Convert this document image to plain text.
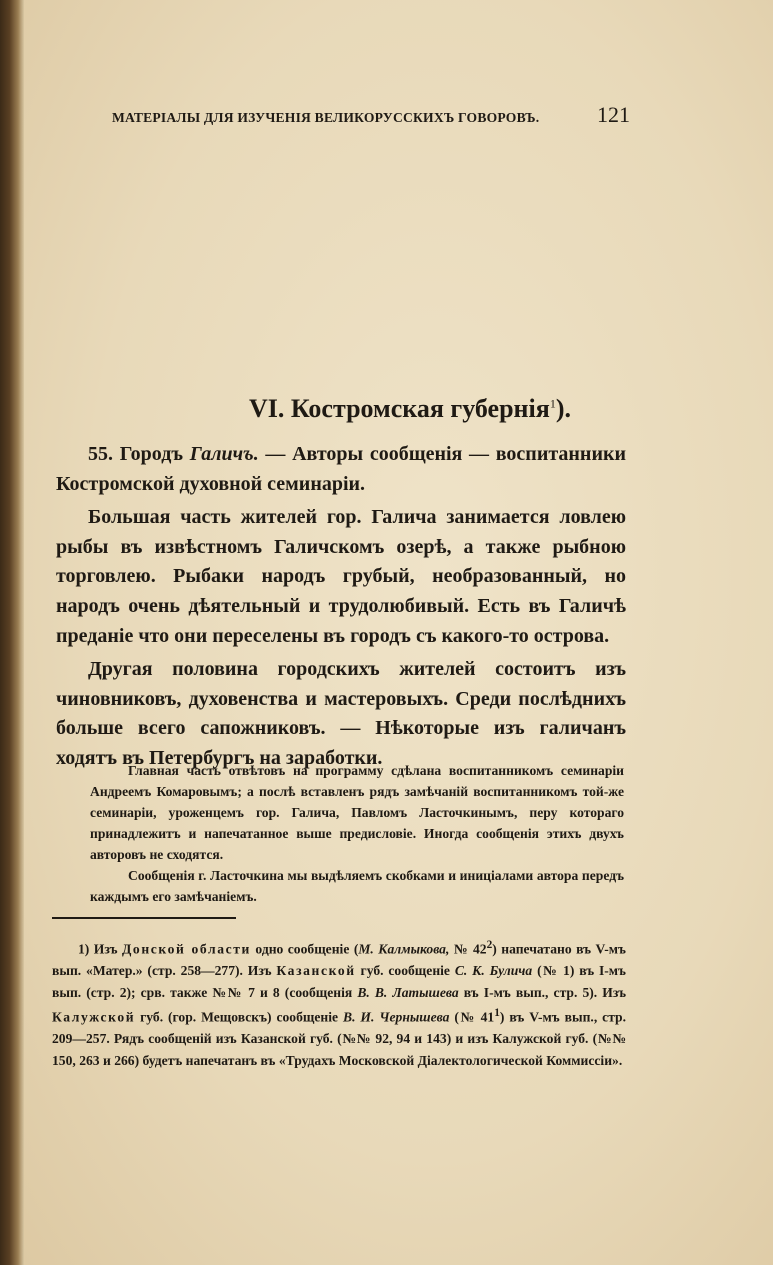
МАТЕРІАЛЫ ДЛЯ ИЗУЧЕНІЯ ВЕЛИКОРУССКИХЪ ГОВОРОВЪ.	121
VI. Костромская губернія$^1$).

55. Городъ Галичъ. — Авторы сообщенія — воспитанники Костромской духовной семинаріи.

Большая часть жителей гор. Галича занимается ловлею рыбы въ извѣстномъ Галичскомъ озерѣ, а также рыбною торговлею. Рыбаки народъ грубый, необразованный, но народъ очень дѣятельный и трудолюбивый. Есть въ Галичѣ преданіе что они переселены въ городъ съ какого-то острова.

Другая половина городскихъ жителей состоитъ изъ чиновниковъ, духовенства и мастеровыхъ. Среди послѣднихъ больше всего сапожниковъ. — Нѣкоторые изъ галичанъ ходятъ въ Петербургъ на заработки.

Главная часть отвѣтовъ на программу сдѣлана воспитанникомъ семинаріи Андреемъ Комаровымъ; а послѣ вставленъ рядъ замѣчаній воспитанникомъ той-же семинаріи, уроженцемъ гор. Галича, Павломъ Ласточкинымъ, перу котораго принадлежитъ и напечатанное выше предисловіе. Иногда сообщенія этихъ двухъ авторовъ не сходятся.

Сообщенія г. Ласточкина мы выдѣляемъ скобками и иниціалами автора передъ каждымъ его замѣчаніемъ.

1) Изъ Донской области одно сообщеніе (М. Калмыкова, № $42^2$) напечатано въ V-мъ вып. «Матер.» (стр. 258—277). Изъ Казанской губ. сообщеніе С. К. Булича (№ 1) въ I-мъ вып. (стр. 2); срв. также №№ 7 и 8 (сообщенія В. В. Латышева въ I-мъ вып., стр. 5). Изъ Калужской губ. (гор. Мещовскъ) сообщеніе В. И. Чернышева (№ $41^1$) въ V-мъ вып., стр. 209—257. Рядъ сообщеній изъ Казанской губ. (№№ 92, 94 и 143) и изъ Калужской губ. (№№ 150, 263 и 266) будетъ напечатанъ въ «Трудахъ Московской Діалектологической Коммиссіи».
